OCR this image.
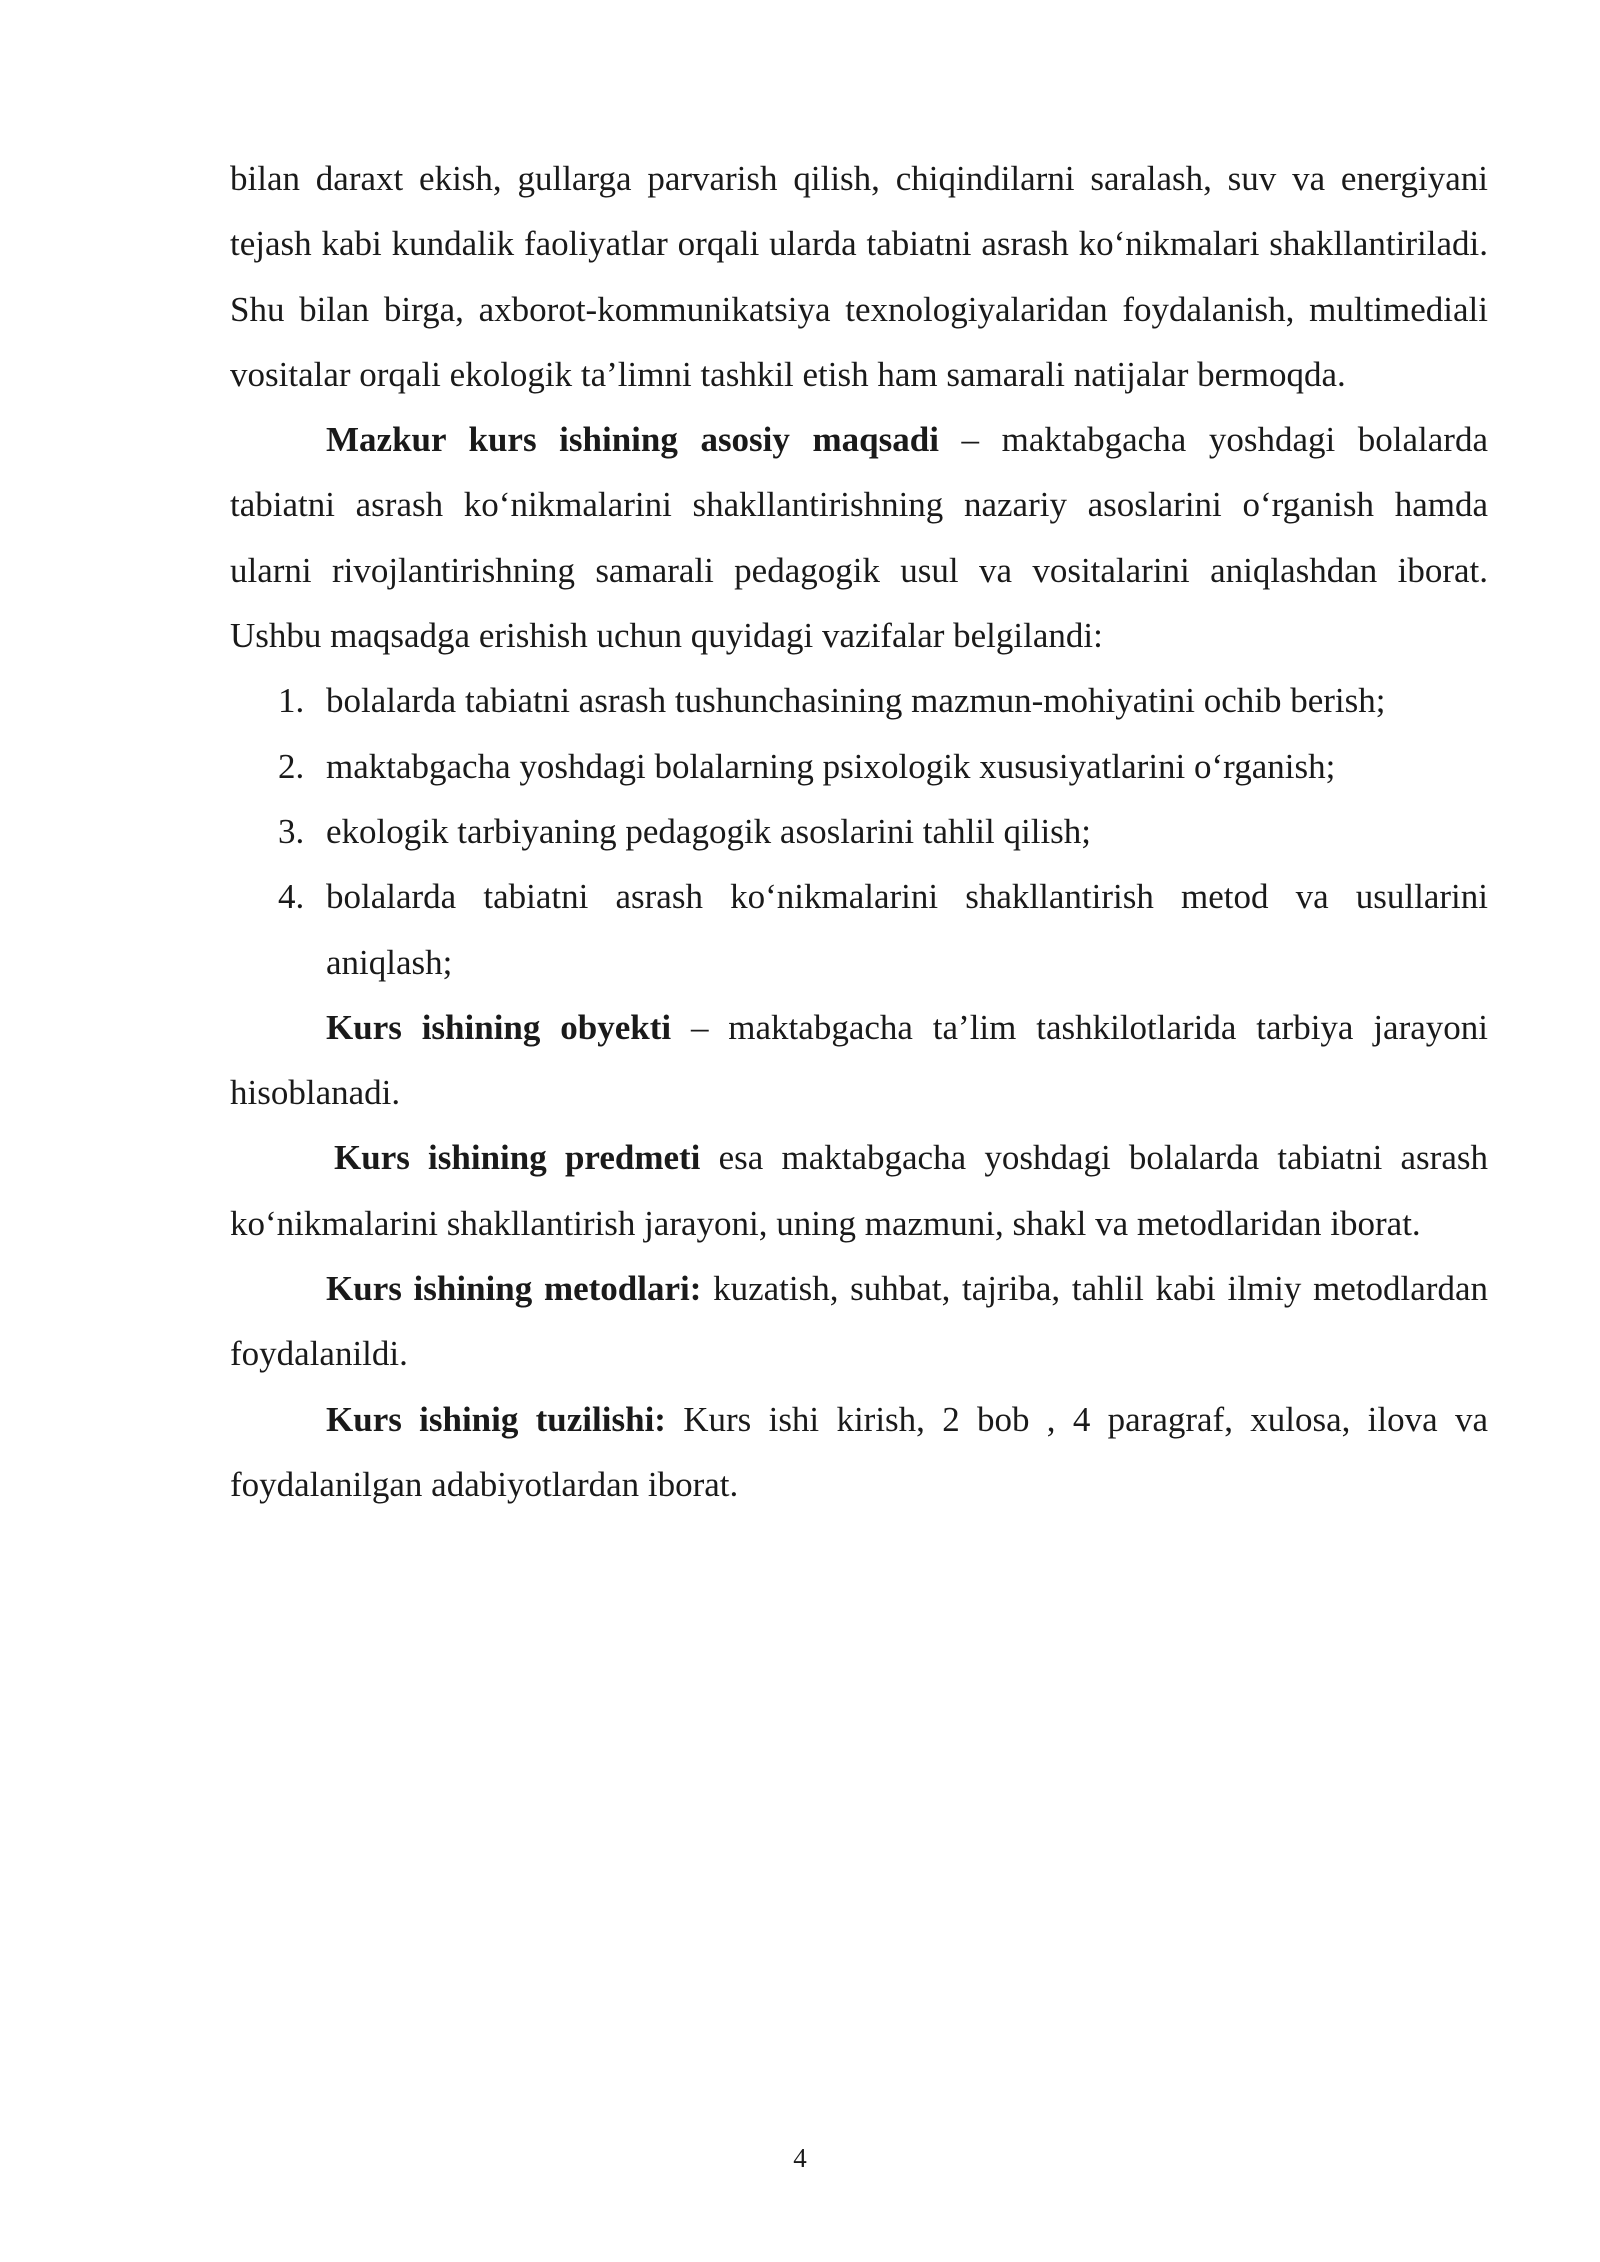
bilan daraxt ekish, gullarga parvarish qilish, chiqindilarni saralash, suv va energiyani tejash kabi kundalik faoliyatlar orqali ularda tabiatni asrash ko‘nikmalari shakllantiriladi. Shu bilan birga, axborot-kommunikatsiya texnologiyalaridan foydalanish, multimediali vositalar orqali ekologik ta’limni tashkil etish ham samarali natijalar bermoqda.

Mazkur kurs ishining asosiy maqsadi – maktabgacha yoshdagi bolalarda tabiatni asrash ko‘nikmalarini shakllantirishning nazariy asoslarini o‘rganish hamda ularni rivojlantirishning samarali pedagogik usul va vositalarini aniqlashdan iborat. Ushbu maqsadga erishish uchun quyidagi vazifalar belgilandi:

1. bolalarda tabiatni asrash tushunchasining mazmun-mohiyatini ochib berish;
2. maktabgacha yoshdagi bolalarning psixologik xususiyatlarini o‘rganish;
3. ekologik tarbiyaning pedagogik asoslarini tahlil qilish;
4. bolalarda tabiatni asrash ko‘nikmalarini shakllantirish metod va usullarini aniqlash;

Kurs ishining obyekti – maktabgacha ta’lim tashkilotlarida tarbiya jarayoni hisoblanadi.

Kurs ishining predmeti esa maktabgacha yoshdagi bolalarda tabiatni asrash ko‘nikmalarini shakllantirish jarayoni, uning mazmuni, shakl va metodlaridan iborat.

Kurs ishining metodlari: kuzatish, suhbat, tajriba, tahlil kabi ilmiy metodlardan foydalanildi.

Kurs ishinig tuzilishi: Kurs ishi kirish, 2 bob , 4 paragraf, xulosa, ilova va foydalanilgan adabiyotlardan iborat.

4
